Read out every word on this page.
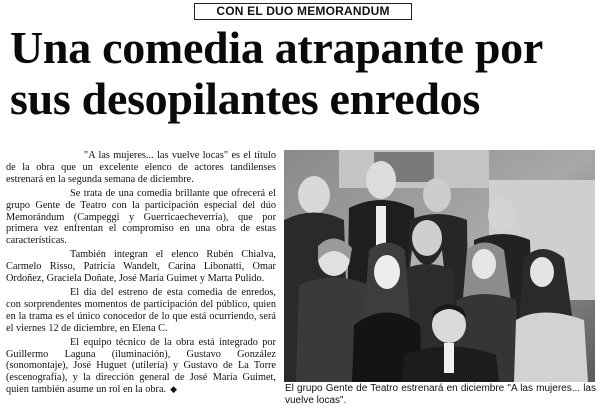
CON EL DUO MEMORANDUM
Una comedia atrapante por
sus desopilantes enredos

"A las mujeres... las vuelve locas" es el título de la obra que un excelente elenco de actores tandilenses estrenará en la segunda semana de diciembre.

Se trata de una comedia brillante que ofrecerá el grupo Gente de Teatro con la participación especial del dúo Memorándum (Campeggi y Guerricaecheverría), que por primera vez enfrentan el compromiso en una obra de estas características.

También integran el elenco Rubén Chialva, Carmelo Risso, Patricia Wandelt, Carina Libonatti, Omar Ordoñez, Graciela Doñate, José María Guimet y Marta Pulido.

El día del estreno de esta comedia de enredos, con sorprendentes momentos de participación del público, quien en la trama es el único conocedor de lo que está ocurriendo, será el viernes 12 de diciembre, en Elena C.

El equipo técnico de la obra está integrado por Guillermo Laguna (iluminación), Gustavo González (sonomontaje), José Huguet (utilería) y Gustavo de La Torre (escenografía), y la dirección general de José María Guimet, quien también asume un rol en la obra. ◆	El grupo Gente de Teatro estrenará en diciembre "A las mujeres... las vuelve locas".
